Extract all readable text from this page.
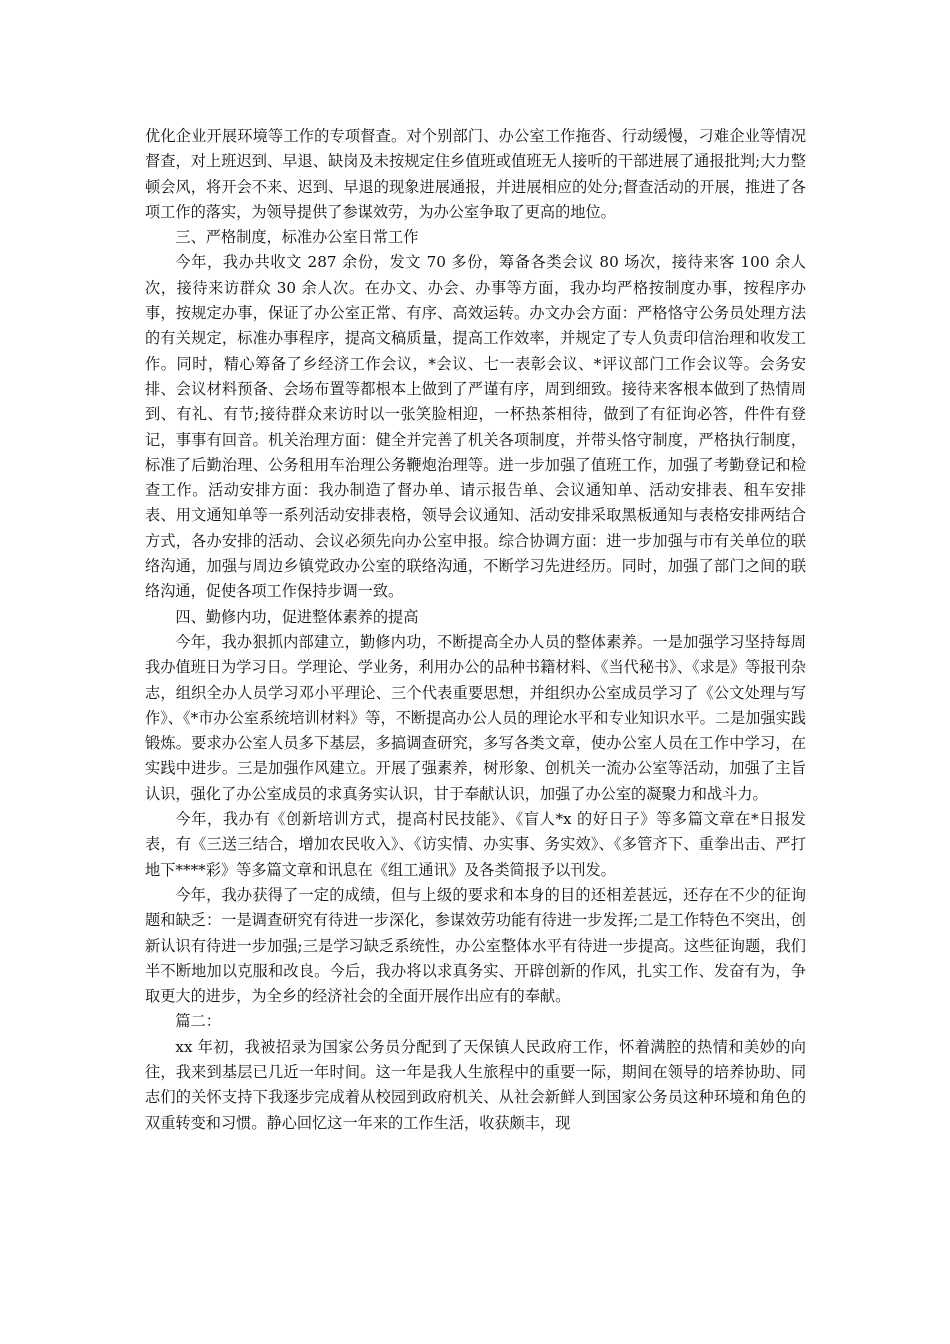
优化企业开展环境等工作的专项督查。对个别部门、办公室工作拖沓、行动缓慢，刁难企业等情况督查，对上班迟到、早退、缺岗及未按规定住乡值班或值班无人接听的干部进展了通报批判;大力整顿会风，将开会不来、迟到、早退的现象进展通报，并进展相应的处分;督查活动的开展，推进了各项工作的落实，为领导提供了参谋效劳，为办公室争取了更高的地位。

三、严格制度，标准办公室日常工作

今年，我办共收文 287 余份，发文 70 多份，筹备各类会议 80 场次，接待来客 100 余人次，接待来访群众 30 余人次。在办文、办会、办事等方面，我办均严格按制度办事，按程序办事，按规定办事，保证了办公室正常、有序、高效运转。办文办会方面：严格恪守公务员处理方法的有关规定，标准办事程序，提高文稿质量，提高工作效率，并规定了专人负责印信治理和收发工作。同时，精心筹备了乡经济工作会议，*会议、七一表彰会议、*评议部门工作会议等。会务安排、会议材料预备、会场布置等都根本上做到了严谨有序，周到细致。接待来客根本做到了热情周到、有礼、有节;接待群众来访时以一张笑脸相迎，一杯热茶相待，做到了有征询必答，件件有登记，事事有回音。机关治理方面：健全并完善了机关各项制度，并带头恪守制度，严格执行制度，标准了后勤治理、公务租用车治理公务鞭炮治理等。进一步加强了值班工作，加强了考勤登记和检查工作。活动安排方面：我办制造了督办单、请示报告单、会议通知单、活动安排表、租车安排表、用文通知单等一系列活动安排表格，领导会议通知、活动安排采取黑板通知与表格安排两结合方式，各办安排的活动、会议必须先向办公室申报。综合协调方面：进一步加强与市有关单位的联络沟通，加强与周边乡镇党政办公室的联络沟通，不断学习先进经历。同时，加强了部门之间的联络沟通，促使各项工作保持步调一致。

四、勤修内功，促进整体素养的提高

今年，我办狠抓内部建立，勤修内功，不断提高全办人员的整体素养。一是加强学习坚持每周我办值班日为学习日。学理论、学业务，利用办公的品种书籍材料、《当代秘书》、《求是》等报刊杂志，组织全办人员学习邓小平理论、三个代表重要思想，并组织办公室成员学习了《公文处理与写作》、《*市办公室系统培训材料》等，不断提高办公人员的理论水平和专业知识水平。二是加强实践锻炼。要求办公室人员多下基层，多搞调查研究，多写各类文章，使办公室人员在工作中学习，在实践中进步。三是加强作风建立。开展了强素养，树形象、创机关一流办公室等活动，加强了主旨认识，强化了办公室成员的求真务实认识，甘于奉献认识，加强了办公室的凝聚力和战斗力。

今年，我办有《创新培训方式，提高村民技能》、《盲人*x 的好日子》等多篇文章在*日报发表，有《三送三结合，增加农民收入》、《访实情、办实事、务实效》、《多管齐下、重拳出击、严打地下****彩》等多篇文章和讯息在《组工通讯》及各类简报予以刊发。

今年，我办获得了一定的成绩，但与上级的要求和本身的目的还相差甚远，还存在不少的征询题和缺乏：一是调查研究有待进一步深化，参谋效劳功能有待进一步发挥;二是工作特色不突出，创新认识有待进一步加强;三是学习缺乏系统性，办公室整体水平有待进一步提高。这些征询题，我们半不断地加以克服和改良。今后，我办将以求真务实、开辟创新的作风，扎实工作、发奋有为，争取更大的进步，为全乡的经济社会的全面开展作出应有的奉献。

篇二：

xx 年初，我被招录为国家公务员分配到了天保镇人民政府工作，怀着满腔的热情和美妙的向往，我来到基层已几近一年时间。这一年是我人生旅程中的重要一际，期间在领导的培养协助、同志们的关怀支持下我逐步完成着从校园到政府机关、从社会新鲜人到国家公务员这种环境和角色的双重转变和习惯。静心回忆这一年来的工作生活，收获颇丰，现
